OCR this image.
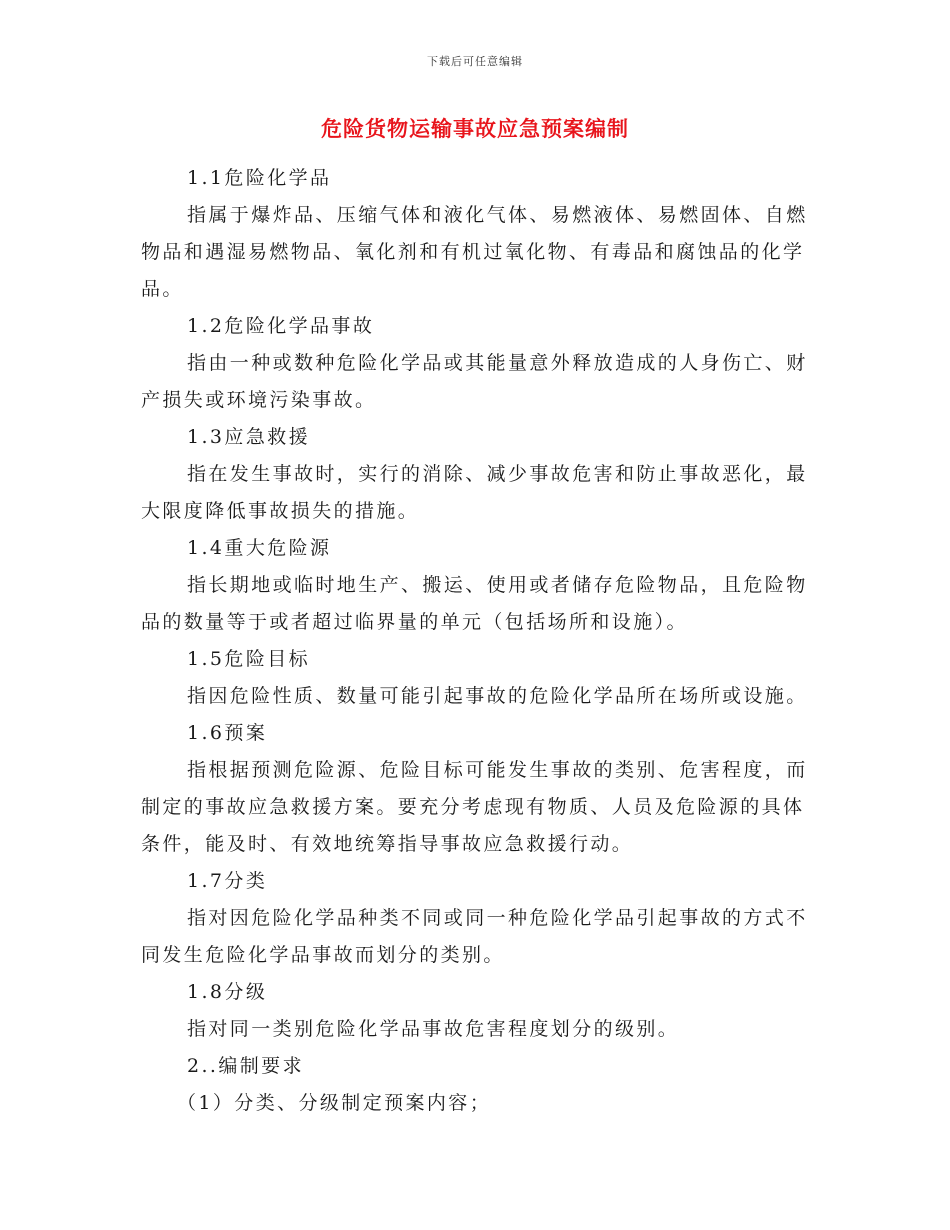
下载后可任意编辑
危险货物运输事故应急预案编制

1.1危险化学品

指属于爆炸品、压缩气体和液化气体、易燃液体、易燃固体、自燃物品和遇湿易燃物品、氧化剂和有机过氧化物、有毒品和腐蚀品的化学品。

1.2危险化学品事故

指由一种或数种危险化学品或其能量意外释放造成的人身伤亡、财产损失或环境污染事故。

1.3应急救援

指在发生事故时，实行的消除、减少事故危害和防止事故恶化，最大限度降低事故损失的措施。

1.4重大危险源

指长期地或临时地生产、搬运、使用或者储存危险物品，且危险物品的数量等于或者超过临界量的单元（包括场所和设施）。

1.5危险目标

指因危险性质、数量可能引起事故的危险化学品所在场所或设施。

1.6预案

指根据预测危险源、危险目标可能发生事故的类别、危害程度，而制定的事故应急救援方案。要充分考虑现有物质、人员及危险源的具体条件，能及时、有效地统筹指导事故应急救援行动。

1.7分类

指对因危险化学品种类不同或同一种危险化学品引起事故的方式不同发生危险化学品事故而划分的类别。

1.8分级

指对同一类别危险化学品事故危害程度划分的级别。

2..编制要求

（1）分类、分级制定预案内容；
